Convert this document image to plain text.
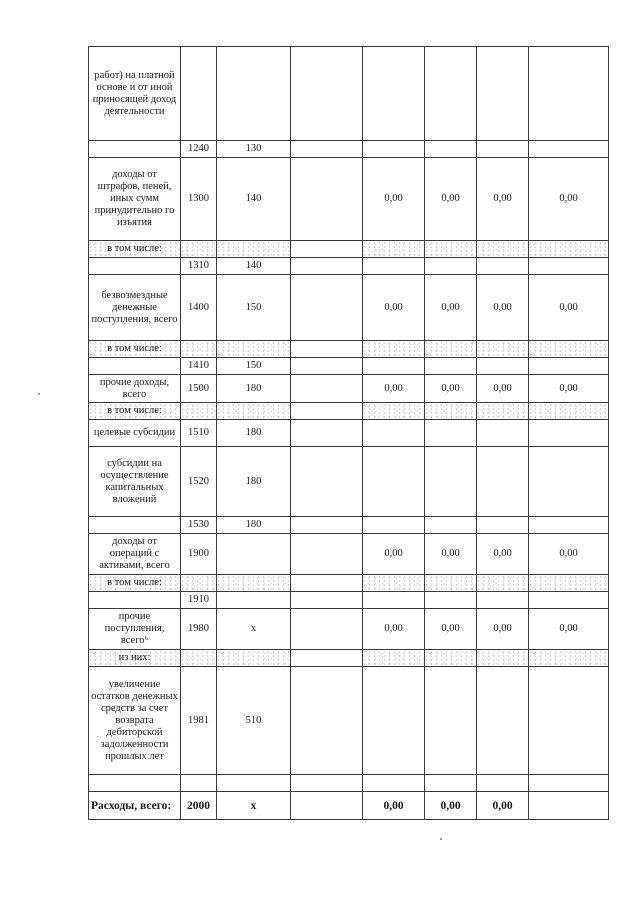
работ) на платной основе и от иной приносящей доход деятельности							
	1240	130					
доходы от штрафов, пеней, иных сумм принудительно го изъятия	1300	140		0,00	0,00	0,00	0,00
в том числе:							
	1310	140					
безвозмездные денежные поступления, всего	1400	150		0,00	0,00	0,00	0,00
в том числе:							
	1410	150					
прочие доходы, всего	1500	180		0,00	0,00	0,00	0,00
в том числе:							
целевые субсидии	1510	180					
субсидии на осуществление капитальных вложений	1520	180					
	1530	180					
доходы от операций с активами, всего	1900			0,00	0,00	0,00	0,00
в том числе:							
	1910						
прочие поступления, всего⁶	1980	х		0,00	0,00	0,00	0,00
из них:							
увеличение остатков денежных средств за счет возврата дебиторской задолженности прошлых лет	1981	510					

Расходы, всего:	2000	х		0,00	0,00	0,00	
